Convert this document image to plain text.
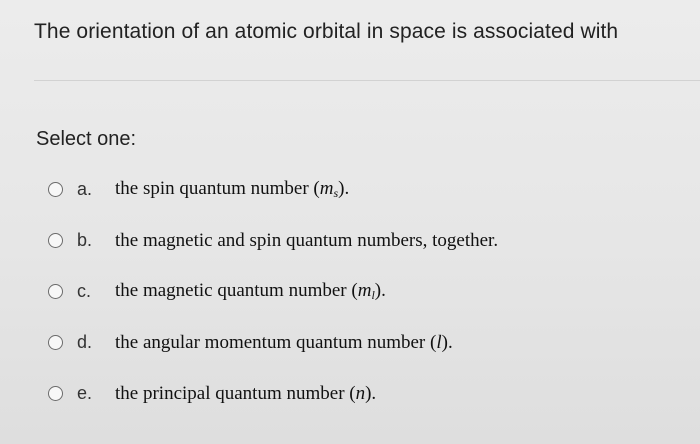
The orientation of an atomic orbital in space is associated with
Select one:
a.	the spin quantum number $(m_s)$.
b.	the magnetic and spin quantum numbers, together.
c.	the magnetic quantum number $(m_l)$.
d.	the angular momentum quantum number (l).
e.	the principal quantum number (n).
